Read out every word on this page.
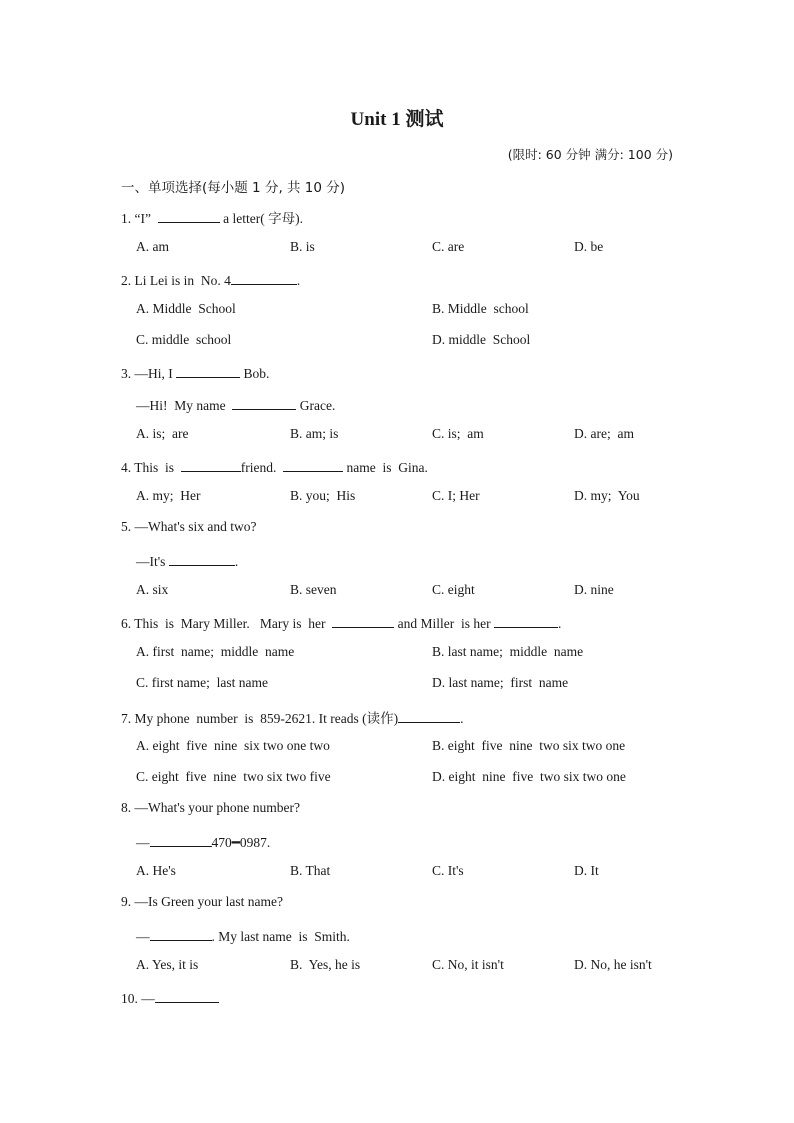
Unit 1 测试
(限时: 60 分钟 满分: 100 分)
一、单项选择(每小题 1 分, 共 10 分)
1. “I”	a letter( 字母).
A. am	B. is	C. are	D. be
2. Li Lei is in  No. 4	.
A. Middle  School	B. Middle  school
C. middle  school	D. middle  School
3. —Hi, I	Bob.
—Hi!  My name	Grace.
A. is;  are	B. am; is	C. is;  am	D. are;  am
4. This  is	friend.	name  is  Gina.
A. my;  Her	B. you;  His	C. I; Her	D. my;  You
5. —What's six and two?
—It's	.
A. six	B. seven	C. eight	D. nine
6. This  is  Mary Miller.   Mary is  her	and Miller  is her	.
A. first  name;  middle  name	B. last name;  middle  name
C. first name;  last name	D. last name;  first  name
7. My phone  number  is  859-2621. It reads (读作)	.
A. eight  five  nine  six two one two	B. eight  five  nine  two six two one
C. eight  five  nine  two six two five	D. eight  nine  five  two six two one
8. —What's your phone number?
—	470━0987.
A. He's	B. That	C. It's	D. It
9. —Is Green your last name?
—	. My last name  is  Smith.
A. Yes, it is	B.  Yes, he is	C. No, it isn't	D. No, he isn't
10. —
